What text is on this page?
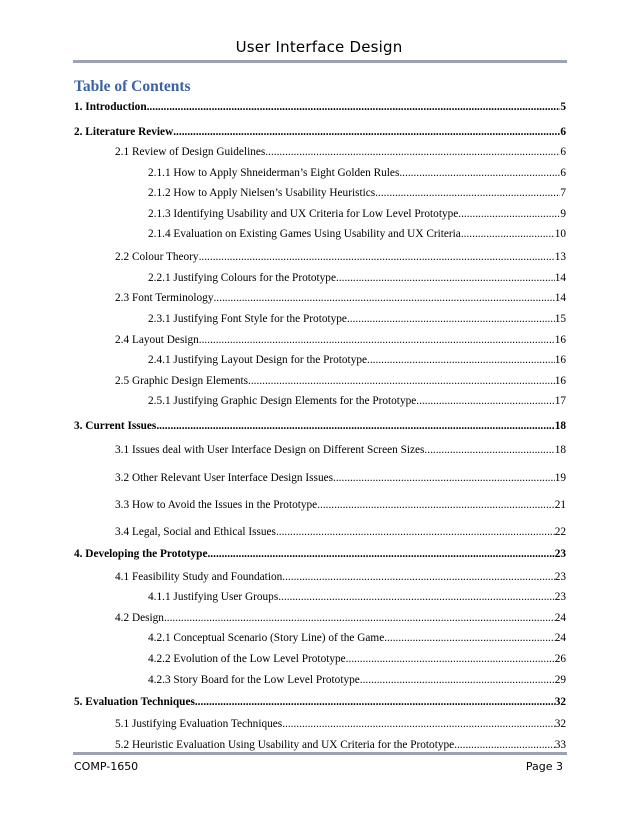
User Interface Design
Table of Contents
1. Introduction .....	5
2. Literature Review .....	6
2.1 Review of Design Guidelines .....	6
2.1.1 How to Apply Shneiderman’s Eight Golden Rules .....	6
2.1.2 How to Apply Nielsen’s Usability Heuristics. .....	7
2.1.3 Identifying Usability and UX Criteria for Low Level Prototype. .....	9
2.1.4 Evaluation on Existing Games Using Usability and UX Criteria .....	10
2.2 Colour Theory .....	13
2.2.1 Justifying Colours for the Prototype .....	14
2.3 Font Terminology .....	14
2.3.1 Justifying Font Style for the Prototype .....	15
2.4 Layout Design .....	16
2.4.1 Justifying Layout Design for the Prototype .....	16
2.5 Graphic Design Elements .....	16
2.5.1 Justifying Graphic Design Elements for the Prototype .....	17
3. Current Issues .....	18
3.1 Issues deal with User Interface Design on Different Screen Sizes. .....	18
3.2 Other Relevant User Interface Design Issues .....	19
3.3 How to Avoid the Issues in the Prototype .....	21
3.4 Legal, Social and Ethical Issues .....	22
4. Developing the Prototype .....	23
4.1 Feasibility Study and Foundation .....	23
4.1.1 Justifying User Groups .....	23
4.2 Design .....	24
4.2.1 Conceptual Scenario (Story Line) of the Game .....	24
4.2.2 Evolution of the Low Level Prototype .....	26
4.2.3 Story Board for the Low Level Prototype .....	29
5. Evaluation Techniques .....	32
5.1 Justifying Evaluation Techniques .....	32
5.2 Heuristic Evaluation Using Usability and UX Criteria for the Prototype .....	33
COMP-1650	Page 3
